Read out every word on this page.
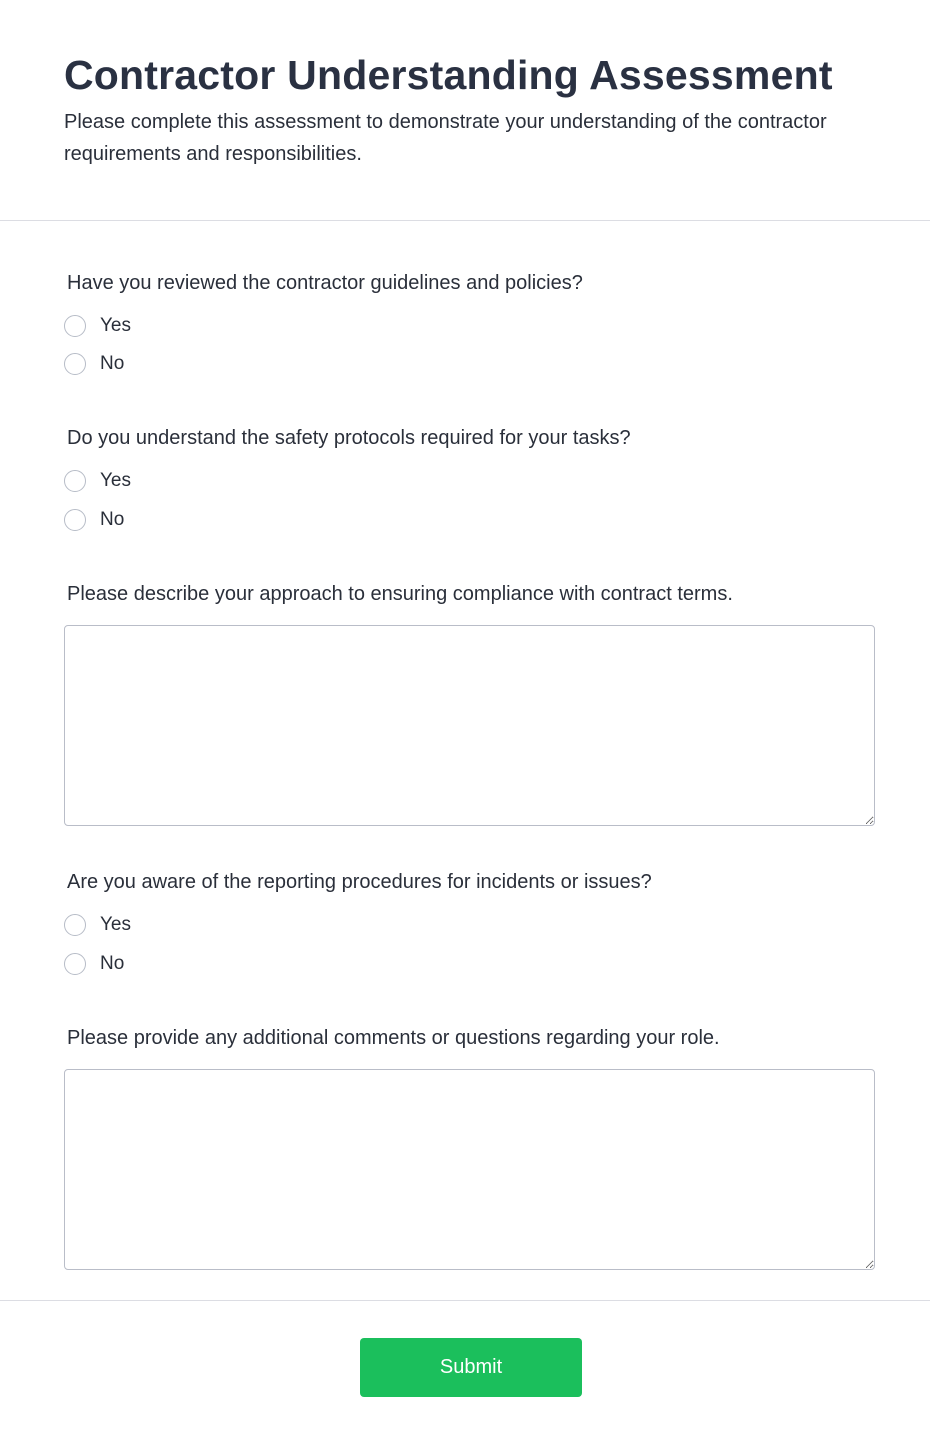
Contractor Understanding Assessment
Please complete this assessment to demonstrate your understanding of the contractor requirements and responsibilities.
Have you reviewed the contractor guidelines and policies?
Yes
No
Do you understand the safety protocols required for your tasks?
Yes
No
Please describe your approach to ensuring compliance with contract terms.
Are you aware of the reporting procedures for incidents or issues?
Yes
No
Please provide any additional comments or questions regarding your role.
Submit
